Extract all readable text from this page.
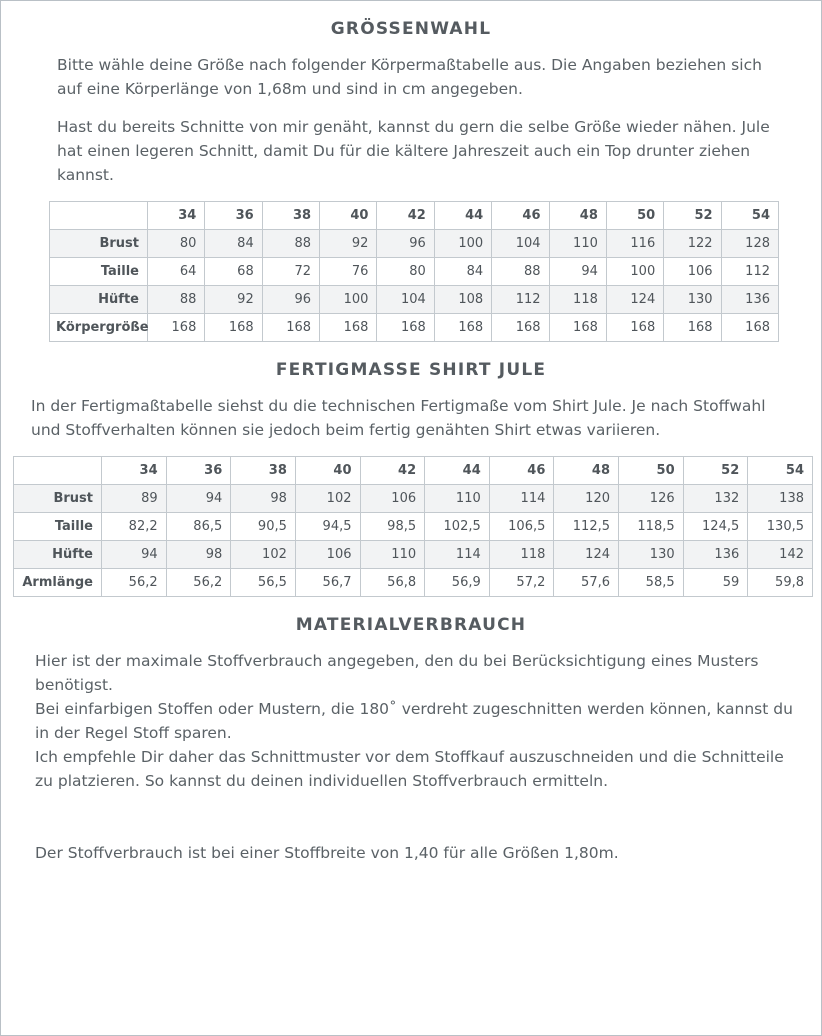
GRÖSSENWAHL

Bitte wähle deine Größe nach folgender Körpermaßtabelle aus. Die Angaben beziehen sich auf eine Körperlänge von 1,68m und sind in cm angegeben.

Hast du bereits Schnitte von mir genäht, kannst du gern die selbe Größe wieder nähen. Jule hat einen legeren Schnitt, damit Du für die kältere Jahreszeit auch ein Top drunter ziehen kannst.

	34	36	38	40	42	44	46	48	50	52	54
Brust	80	84	88	92	96	100	104	110	116	122	128
Taille	64	68	72	76	80	84	88	94	100	106	112
Hüfte	88	92	96	100	104	108	112	118	124	130	136
Körpergröße	168	168	168	168	168	168	168	168	168	168	168
FERTIGMASSE SHIRT JULE

In der Fertigmaßtabelle siehst du die technischen Fertigmaße vom Shirt Jule. Je nach Stoffwahl und Stoffverhalten können sie jedoch beim fertig genähten Shirt etwas variieren.

	34	36	38	40	42	44	46	48	50	52	54
Brust	89	94	98	102	106	110	114	120	126	132	138
Taille	82,2	86,5	90,5	94,5	98,5	102,5	106,5	112,5	118,5	124,5	130,5
Hüfte	94	98	102	106	110	114	118	124	130	136	142
Armlänge	56,2	56,2	56,5	56,7	56,8	56,9	57,2	57,6	58,5	59	59,8
MATERIALVERBRAUCH

Hier ist der maximale Stoffverbrauch angegeben, den du bei Berücksichtigung eines Musters benötigst.

Bei einfarbigen Stoffen oder Mustern, die 180˚ verdreht zugeschnitten werden können, kannst du in der Regel Stoff sparen.

Ich empfehle Dir daher das Schnittmuster vor dem Stoffkauf auszuschneiden und die Schnitteile zu platzieren. So kannst du deinen individuellen Stoffverbrauch ermitteln.

Der Stoffverbrauch ist bei einer Stoffbreite von 1,40 für alle Größen 1,80m.
